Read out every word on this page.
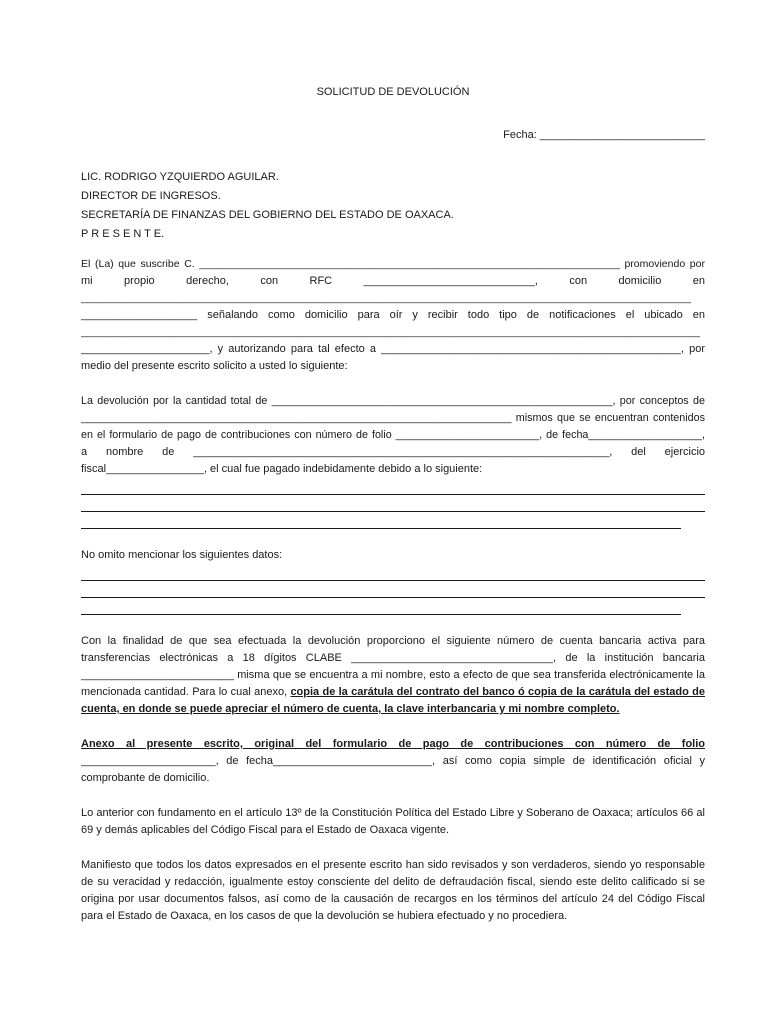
SOLICITUD DE DEVOLUCIÓN
Fecha: ___________________________
LIC. RODRIGO YZQUIERDO AGUILAR.
DIRECTOR DE INGRESOS.
SECRETARÍA DE FINANZAS DEL GOBIERNO DEL ESTADO DE OAXACA.
P R E S E N T E.
El (La) que suscribe C. ________________________________________________________________________ promoviendo por
mi propio derecho, con RFC ____________________________, con domicilio en
___________________________________________________________________________________________________________
___________________ señalando como domicilio para oír y recibir todo tipo de notificaciones el ubicado en
__________________________________________________________________________________________________________
_____________________, y autorizando para tal efecto a _________________________________________________, por
medio del presente escrito solicito a usted lo siguiente:
La devolución por la cantidad total de _________________________________________________________, por conceptos de
________________________________________________________________________ mismos que se encuentran contenidos
en el formulario de pago de contribuciones con número de folio ________________________, de fecha___________________,
a nombre de ____________________________________________________________________, del ejercicio
fiscal________________, el cual fue pagado indebidamente debido a lo siguiente:
No omito mencionar los siguientes datos:
Con la finalidad de que sea efectuada la devolución proporciono el siguiente número de cuenta bancaria activa para
transferencias electrónicas a 18 dígitos CLABE _________________________________, de la institución bancaria
_________________________ misma que se encuentra a mi nombre, esto a efecto de que sea transferida electrónicamente la
mencionada cantidad. Para lo cual anexo, copia de la carátula del contrato del banco ó copia de la carátula del estado de
cuenta, en donde se puede apreciar el número de cuenta, la clave interbancaria y mi nombre completo.
Anexo al presente escrito, original del formulario de pago de contribuciones con número de folio
______________________, de fecha__________________________, así como copia simple de identificación oficial y
comprobante de domicilio.
Lo anterior con fundamento en el artículo 13º de la Constitución Política del Estado Libre y Soberano de Oaxaca; artículos 66 al
69 y demás aplicables del Código Fiscal para el Estado de Oaxaca vigente.
Manifiesto que todos los datos expresados en el presente escrito han sido revisados y son verdaderos, siendo yo responsable
de su veracidad y redacción, igualmente estoy consciente del delito de defraudación fiscal, siendo este delito calificado si se
origina por usar documentos falsos, así como de la causación de recargos en los términos del artículo 24 del Código Fiscal
para el Estado de Oaxaca, en los casos de que la devolución se hubiera efectuado y no procediera.
